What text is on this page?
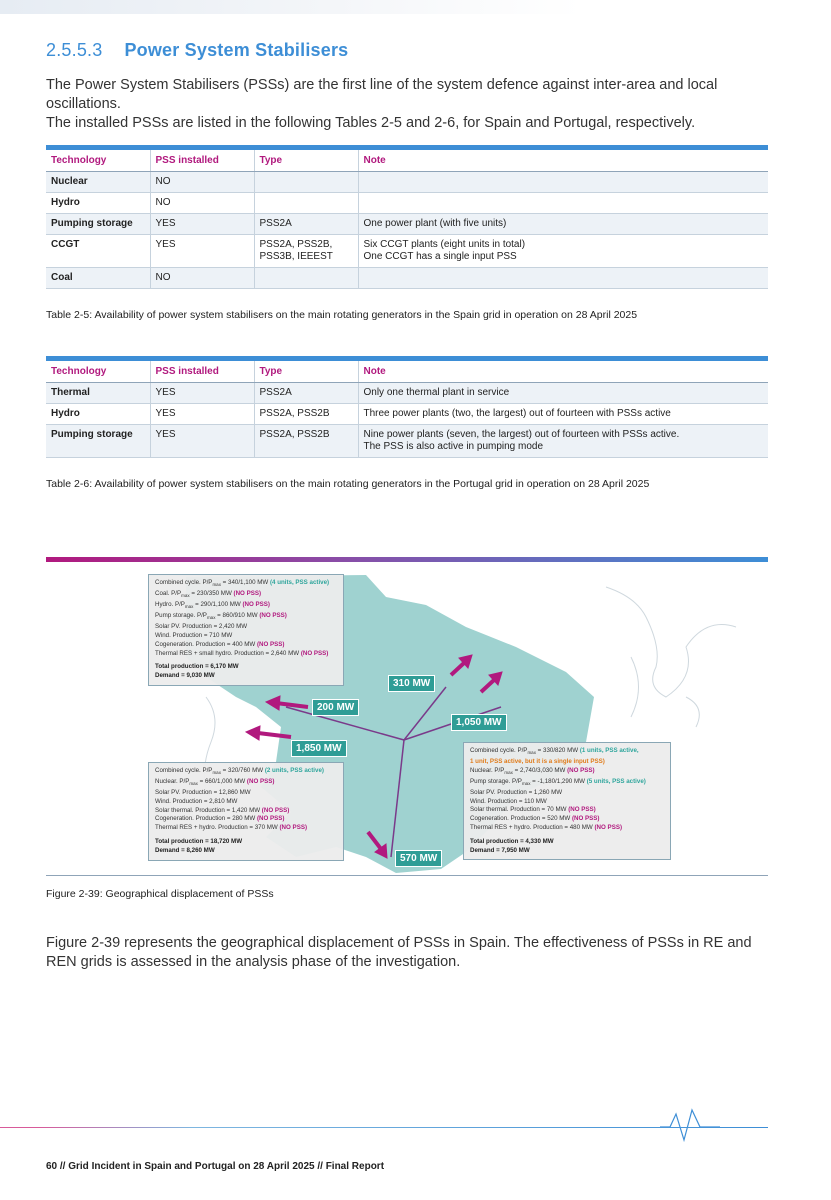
2.5.5.3 Power System Stabilisers

The Power System Stabilisers (PSSs) are the first line of the system defence against inter-area and local oscillations.

The installed PSSs are listed in the following Tables 2-5 and 2-6, for Spain and Portugal, respectively.

Technology	PSS installed	Type	Note
Nuclear	NO		
Hydro	NO		
Pumping storage	YES	PSS2A	One power plant (with five units)
CCGT	YES	PSS2A, PSS2B, PSS3B, IEEEST	Six CCGT plants (eight units in total)
One CCGT has a single input PSS
Coal	NO		
Table 2-5: Availability of power system stabilisers on the main rotating generators in the Spain grid in operation on 28 April 2025
Technology	PSS installed	Type	Note
Thermal	YES	PSS2A	Only one thermal plant in service
Hydro	YES	PSS2A, PSS2B	Three power plants (two, the largest) out of fourteen with PSSs active
Pumping storage	YES	PSS2A, PSS2B	Nine power plants (seven, the largest) out of fourteen with PSSs active.
The PSS is also active in pumping mode
Table 2-6: Availability of power system stabilisers on the main rotating generators in the Portugal grid in operation on 28 April 2025
200 MW
1,850 MW
310 MW
1,050 MW
570 MW
Combined cycle. $P/P_{max} = 340/1,100$ MW (4 units, PSS active)
Coal. $P/P_{max} = 230/350$ MW (NO PSS)
Hydro. $P/P_{max} = 290/1,100$ MW (NO PSS)
Pump storage. $P/P_{max} = 860/910$ MW (NO PSS)
Solar PV. Production = 2,420 MW
Wind. Production = 710 MW
Cogeneration. Production = 400 MW (NO PSS)
Thermal RES + small hydro. Production = 2,640 MW (NO PSS)
Total production = 6,170 MW
Demand = 9,030 MW
Combined cycle. $P/P_{max} = 320/760$ MW (2 units, PSS active)
Nuclear. $P/P_{max} = 660/1,000$ MW (NO PSS)
Solar PV. Production = 12,860 MW
Wind. Production = 2,810 MW
Solar thermal. Production = 1,420 MW (NO PSS)
Cogeneration. Production = 280 MW (NO PSS)
Thermal RES + hydro. Production = 370 MW (NO PSS)
Total production = 18,720 MW
Demand = 8,260 MW
Combined cycle. $P/P_{max} = 330/820$ MW (1 units, PSS active,
1 unit, PSS active, but it is a single input PSS)
Nuclear. $P/P_{max} = 2,740/3,030$ MW (NO PSS)
Pump storage. $P/P_{max} = -1,180/1,290$ MW (5 units, PSS active)
Solar PV. Production = 1,260 MW
Wind. Production = 110 MW
Solar thermal. Production = 70 MW (NO PSS)
Cogeneration. Production = 520 MW (NO PSS)
Thermal RES + hydro. Production = 480 MW (NO PSS)
Total production = 4,330 MW
Demand = 7,950 MW
Figure 2-39: Geographical displacement of PSSs

Figure 2-39 represents the geographical displacement of PSSs in Spain. The effectiveness of PSSs in RE and REN grids is assessed in the analysis phase of the investigation.

60 // Grid Incident in Spain and Portugal on 28 April 2025 // Final Report
